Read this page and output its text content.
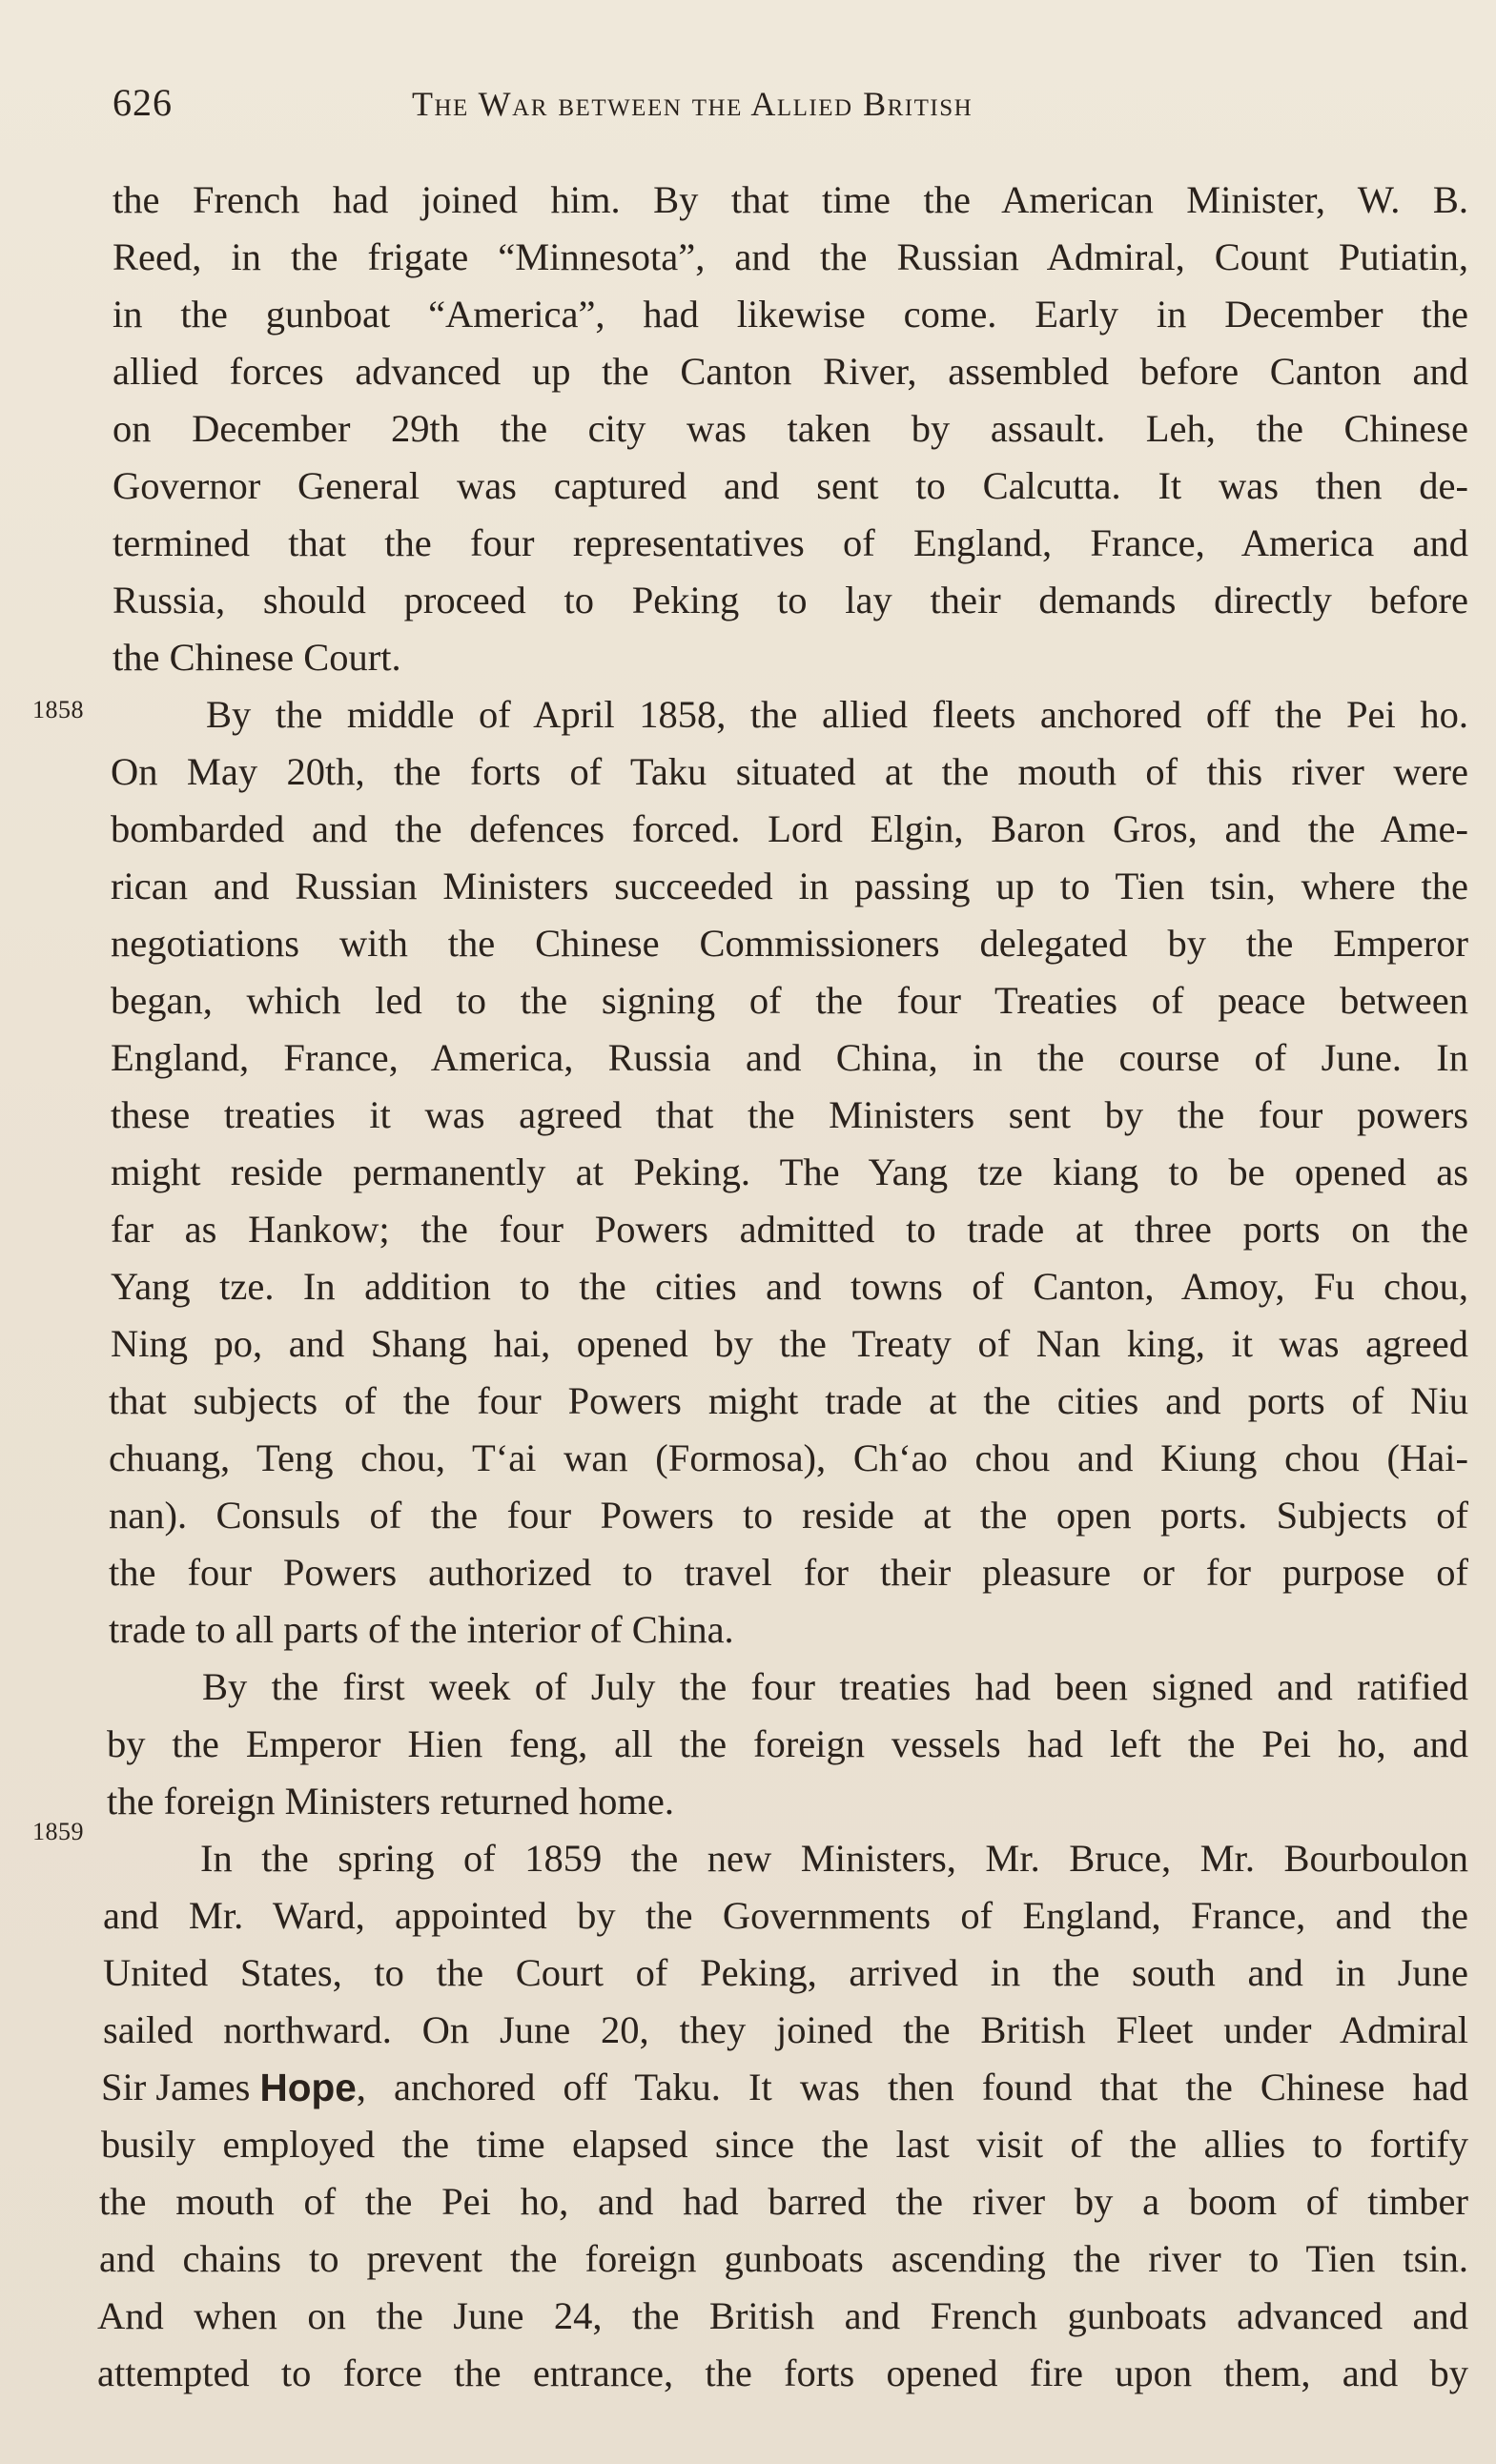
626	The War between the Allied British
1858
1859
the French had joined him. By that time the American Minister, W. B.
Reed, in the frigate “Minnesota”, and the Russian Admiral, Count Putiatin,
in the gunboat “America”, had likewise come. Early in December the
allied forces advanced up the Canton River, assembled before Canton and
on December 29th the city was taken by assault. Leh, the Chinese
Governor General was captured and sent to Calcutta. It was then de-
termined that the four representatives of England, France, America and
Russia, should proceed to Peking to lay their demands directly before
the Chinese Court.
By the middle of April 1858, the allied fleets anchored off the Pei ho.
On May 20th, the forts of Taku situated at the mouth of this river were
bombarded and the defences forced. Lord Elgin, Baron Gros, and the Ame-
rican and Russian Ministers succeeded in passing up to Tien tsin, where the
negotiations with the Chinese Commissioners delegated by the Emperor
began, which led to the signing of the four Treaties of peace between
England, France, America, Russia and China, in the course of June. In
these treaties it was agreed that the Ministers sent by the four powers
might reside permanently at Peking. The Yang tze kiang to be opened as
far as Hankow; the four Powers admitted to trade at three ports on the
Yang tze. In addition to the cities and towns of Canton, Amoy, Fu chou,
Ning po, and Shang hai, opened by the Treaty of Nan king, it was agreed
that subjects of the four Powers might trade at the cities and ports of Niu
chuang, Teng chou, T‘ai wan (Formosa), Ch‘ao chou and Kiung chou (Hai-
nan). Consuls of the four Powers to reside at the open ports. Subjects of
the four Powers authorized to travel for their pleasure or for purpose of
trade to all parts of the interior of China.
By the first week of July the four treaties had been signed and ratified
by the Emperor Hien feng, all the foreign vessels had left the Pei ho, and
the foreign Ministers returned home.
In the spring of 1859 the new Ministers, Mr. Bruce, Mr. Bourboulon
and Mr. Ward, appointed by the Governments of England, France, and the
United States, to the Court of Peking, arrived in the south and in June
sailed northward. On June 20, they joined the British Fleet under Admiral
Sir James Hope , anchored off Taku. It was then found that the Chinese had
busily employed the time elapsed since the last visit of the allies to fortify
the mouth of the Pei ho, and had barred the river by a boom of timber
and chains to prevent the foreign gunboats ascending the river to Tien tsin.
And when on the June 24, the British and French gunboats advanced and
attempted to force the entrance, the forts opened fire upon them, and by
